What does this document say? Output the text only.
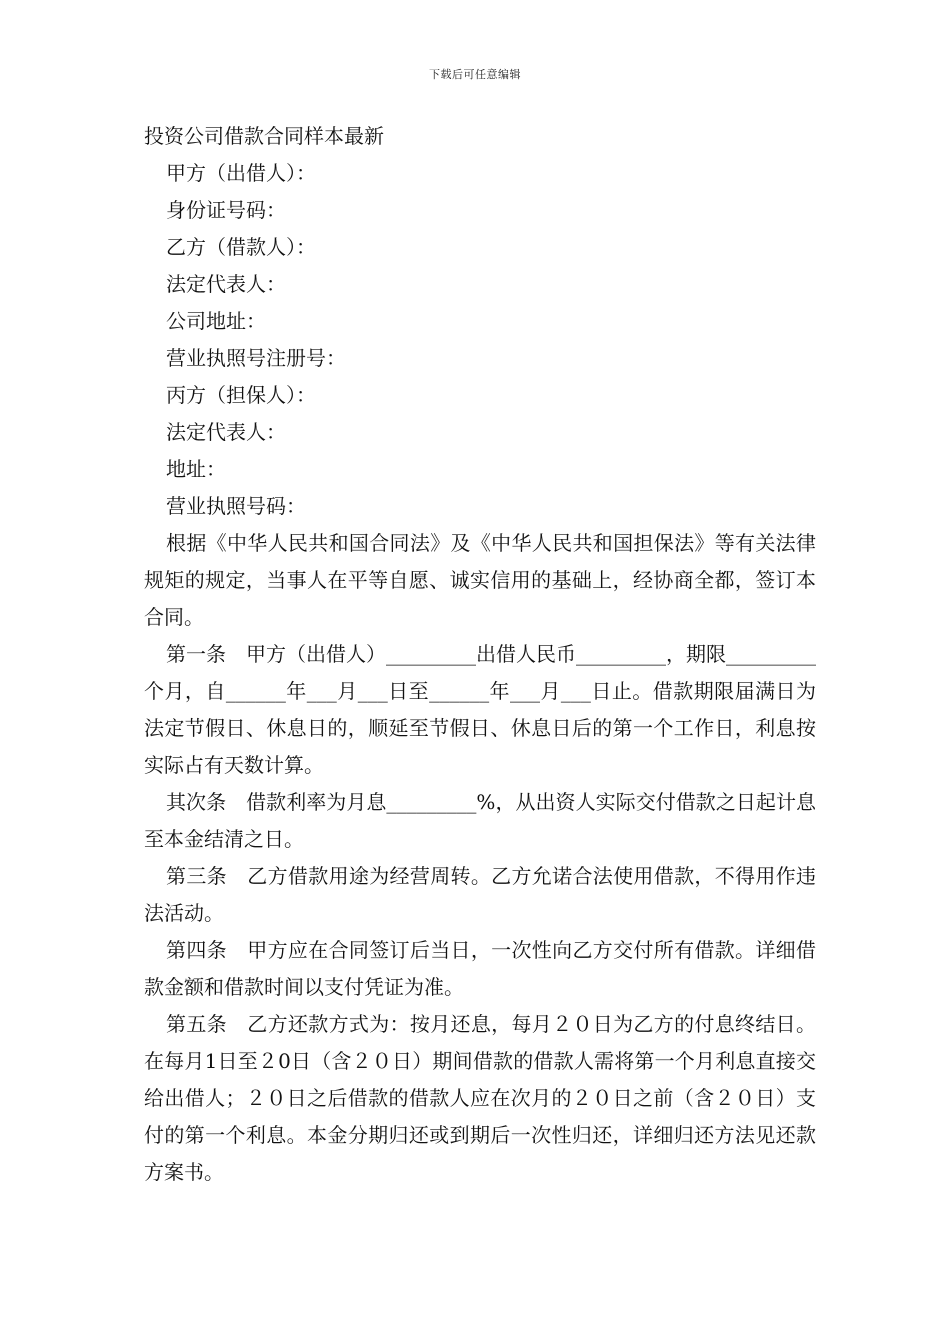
下载后可任意编辑

投资公司借款合同样本最新

甲方（出借人）：

身份证号码：

乙方（借款人）：

法定代表人：

公司地址：

营业执照号注册号：

丙方（担保人）：

法定代表人：

地址：

营业执照号码：

根据《中华人民共和国合同法》及《中华人民共和国担保法》等有关法律规矩的规定，当事人在平等自愿、诚实信用的基础上，经协商全都，签订本合同。

第一条　甲方（出借人）_________出借人民币_________，期限_________个月，自______年___月___日至______年___月___日止。借款期限届满日为法定节假日、休息日的，顺延至节假日、休息日后的第一个工作日，利息按实际占有天数计算。

其次条　借款利率为月息_________%，从出资人实际交付借款之日起计息至本金结清之日。

第三条　乙方借款用途为经营周转。乙方允诺合法使用借款，不得用作违法活动。

第四条　甲方应在合同签订后当日，一次性向乙方交付所有借款。详细借款金额和借款时间以支付凭证为准。

第五条　乙方还款方式为：按月还息，每月２０日为乙方的付息终结日。在每月1日至２0日（含２０日）期间借款的借款人需将第一个月利息直接交给出借人；２０日之后借款的借款人应在次月的２０日之前（含２０日）支付的第一个利息。本金分期归还或到期后一次性归还，详细归还方法见还款方案书。
